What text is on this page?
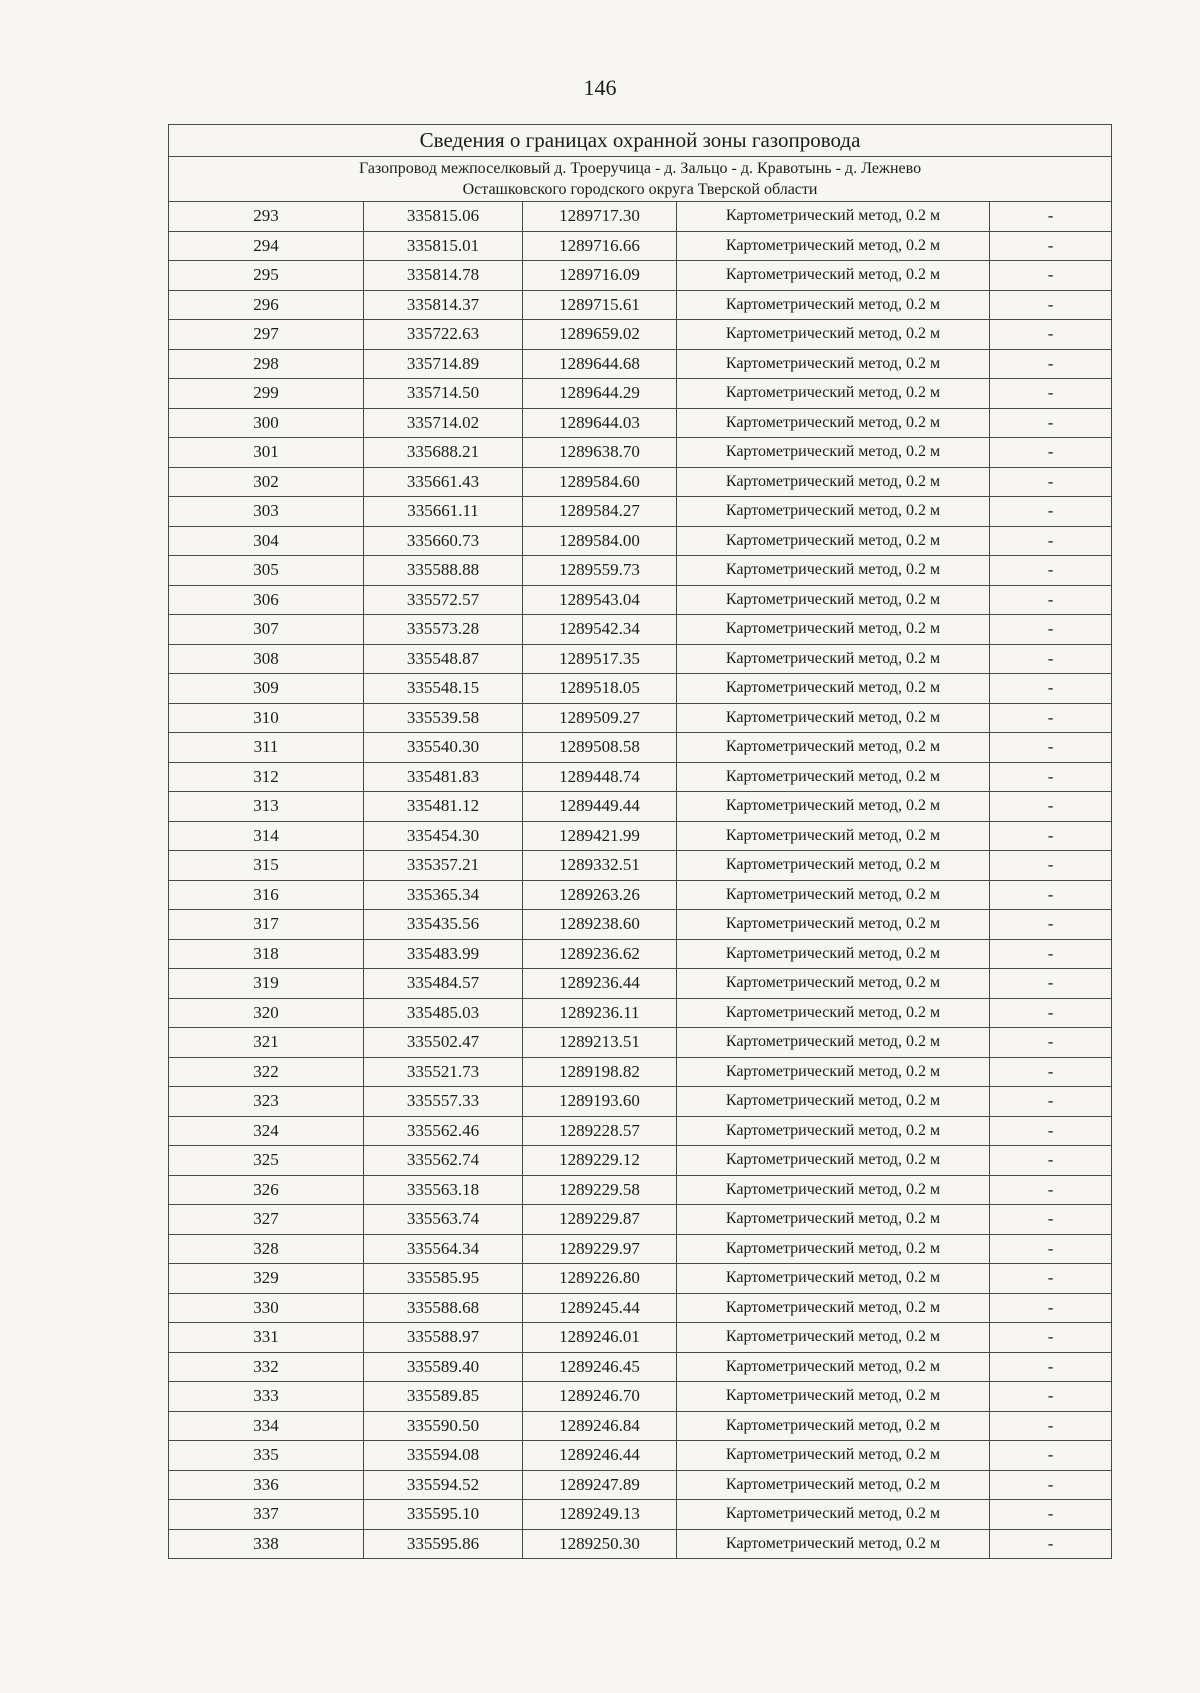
146
Сведения о границах охранной зоны газопровода				

Газопровод межпоселковый д. Троеручица - д. Зальцо - д. Кравотынь - д. Лежнево
Осташковского городского округа Тверской области				

293	335815.06	1289717.30	Картометрический метод, 0.2 м	-
294	335815.01	1289716.66	Картометрический метод, 0.2 м	-
295	335814.78	1289716.09	Картометрический метод, 0.2 м	-
296	335814.37	1289715.61	Картометрический метод, 0.2 м	-
297	335722.63	1289659.02	Картометрический метод, 0.2 м	-
298	335714.89	1289644.68	Картометрический метод, 0.2 м	-
299	335714.50	1289644.29	Картометрический метод, 0.2 м	-
300	335714.02	1289644.03	Картометрический метод, 0.2 м	-
301	335688.21	1289638.70	Картометрический метод, 0.2 м	-
302	335661.43	1289584.60	Картометрический метод, 0.2 м	-
303	335661.11	1289584.27	Картометрический метод, 0.2 м	-
304	335660.73	1289584.00	Картометрический метод, 0.2 м	-
305	335588.88	1289559.73	Картометрический метод, 0.2 м	-
306	335572.57	1289543.04	Картометрический метод, 0.2 м	-
307	335573.28	1289542.34	Картометрический метод, 0.2 м	-
308	335548.87	1289517.35	Картометрический метод, 0.2 м	-
309	335548.15	1289518.05	Картометрический метод, 0.2 м	-
310	335539.58	1289509.27	Картометрический метод, 0.2 м	-
311	335540.30	1289508.58	Картометрический метод, 0.2 м	-
312	335481.83	1289448.74	Картометрический метод, 0.2 м	-
313	335481.12	1289449.44	Картометрический метод, 0.2 м	-
314	335454.30	1289421.99	Картометрический метод, 0.2 м	-
315	335357.21	1289332.51	Картометрический метод, 0.2 м	-
316	335365.34	1289263.26	Картометрический метод, 0.2 м	-
317	335435.56	1289238.60	Картометрический метод, 0.2 м	-
318	335483.99	1289236.62	Картометрический метод, 0.2 м	-
319	335484.57	1289236.44	Картометрический метод, 0.2 м	-
320	335485.03	1289236.11	Картометрический метод, 0.2 м	-
321	335502.47	1289213.51	Картометрический метод, 0.2 м	-
322	335521.73	1289198.82	Картометрический метод, 0.2 м	-
323	335557.33	1289193.60	Картометрический метод, 0.2 м	-
324	335562.46	1289228.57	Картометрический метод, 0.2 м	-
325	335562.74	1289229.12	Картометрический метод, 0.2 м	-
326	335563.18	1289229.58	Картометрический метод, 0.2 м	-
327	335563.74	1289229.87	Картометрический метод, 0.2 м	-
328	335564.34	1289229.97	Картометрический метод, 0.2 м	-
329	335585.95	1289226.80	Картометрический метод, 0.2 м	-
330	335588.68	1289245.44	Картометрический метод, 0.2 м	-
331	335588.97	1289246.01	Картометрический метод, 0.2 м	-
332	335589.40	1289246.45	Картометрический метод, 0.2 м	-
333	335589.85	1289246.70	Картометрический метод, 0.2 м	-
334	335590.50	1289246.84	Картометрический метод, 0.2 м	-
335	335594.08	1289246.44	Картометрический метод, 0.2 м	-
336	335594.52	1289247.89	Картометрический метод, 0.2 м	-
337	335595.10	1289249.13	Картометрический метод, 0.2 м	-
338	335595.86	1289250.30	Картометрический метод, 0.2 м	-
